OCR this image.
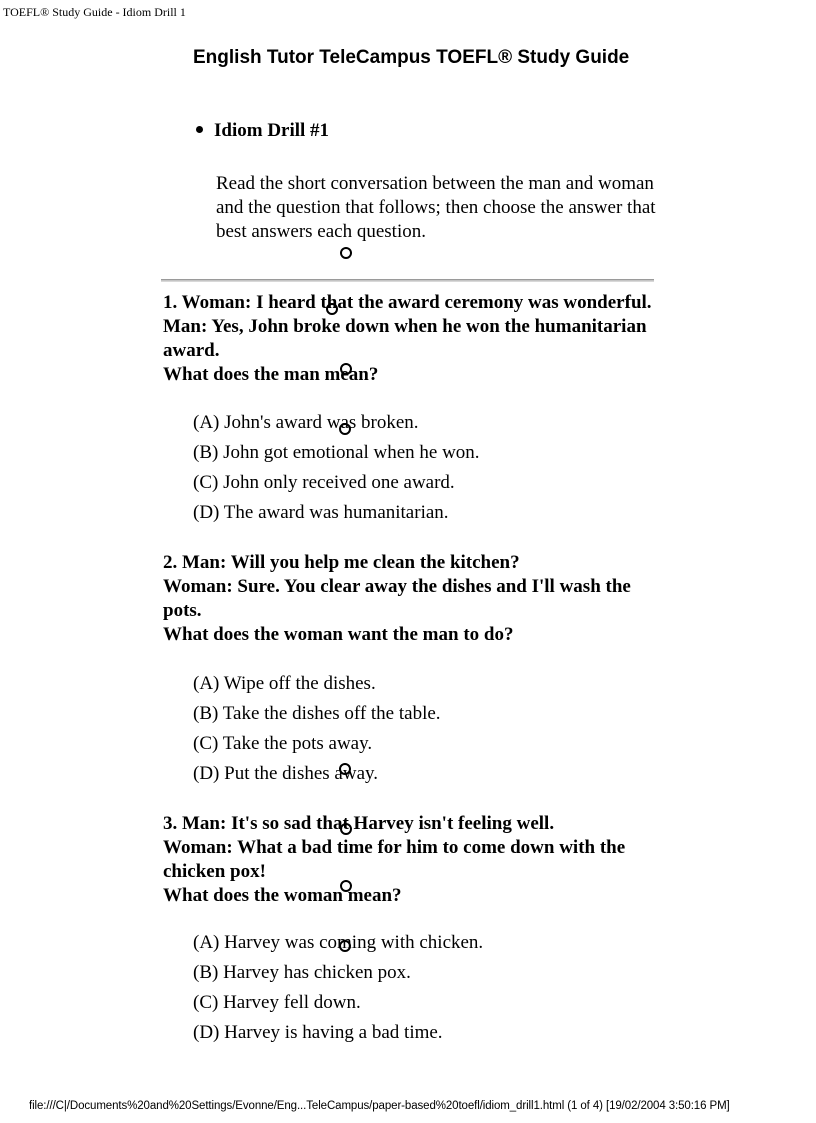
TOEFL® Study Guide - Idiom Drill 1
English Tutor TeleCampus TOEFL® Study Guide
Idiom Drill #1
Read the short conversation between the man and woman and the question that follows; then choose the answer that best answers each question.

1. Woman: I heard that the award ceremony was wonderful.

Man: Yes, John broke down when he won the humanitarian award.

What does the man mean?

(A) John's award was broken.
(B) John got emotional when he won.
(C) John only received one award.
(D) The award was humanitarian.

2. Man: Will you help me clean the kitchen?

Woman: Sure. You clear away the dishes and I'll wash the pots.

What does the woman want the man to do?

(A) Wipe off the dishes.
(B) Take the dishes off the table.
(C) Take the pots away.
(D) Put the dishes away.

3. Man: It's so sad that Harvey isn't feeling well.

Woman: What a bad time for him to come down with the chicken pox!

What does the woman mean?

(A) Harvey was coming with chicken.
(B) Harvey has chicken pox.
(C) Harvey fell down.
(D) Harvey is having a bad time.
file:///C|/Documents%20and%20Settings/Evonne/Eng...TeleCampus/paper-based%20toefl/idiom_drill1.html (1 of 4) [19/02/2004 3:50:16 PM]
